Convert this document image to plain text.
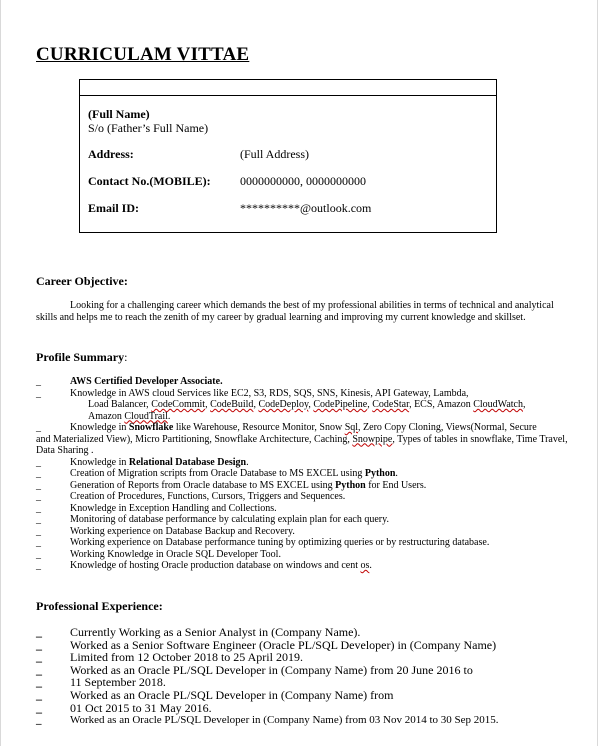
CURRICULAM VITTAE
(Full Name)
S/o (Father’s Full Name)
Address:	(Full Address)
Contact No.(MOBILE): 0000000000, 0000000000
Email ID:	**********@outlook.com
Career Objective:
Looking for a challenging career which demands the best of my professional abilities in terms of technical and analytical skills and helps me to reach the zenith of my career by gradual learning and improving my current knowledge and skillset.
Profile Summary:
_	AWS Certified Developer Associate.
_	Knowledge in AWS cloud Services like EC2, S3, RDS, SQS, SNS, Kinesis, API Gateway, Lambda,
Load Balancer, CodeCommit, CodeBuild, CodeDeploy, CodePipeline, CodeStar, ECS, Amazon CloudWatch,
Amazon CloudTrail.
_	Knowledge in Snowflake like Warehouse, Resource Monitor, Snow Sql, Zero Copy Cloning, Views(Normal, Secure
and Materialized View), Micro Partitioning, Snowflake Architecture, Caching, Snowpipe, Types of tables in snowflake, Time Travel, Data Sharing .
_	Knowledge in Relational Database Design.
_	Creation of Migration scripts from Oracle Database to MS EXCEL using Python.
_	Generation of Reports from Oracle database to MS EXCEL using Python for End Users.
_	Creation of Procedures, Functions, Cursors, Triggers and Sequences.
_	Knowledge in Exception Handling and Collections.
_	Monitoring of database performance by calculating explain plan for each query.
_	Working experience on Database Backup and Recovery.
_	Working experience on Database performance tuning by optimizing queries or by restructuring database.
_	Working Knowledge in Oracle SQL Developer Tool.
_	Knowledge of hosting Oracle production database on windows and cent os.
Professional Experience:
_ Currently Working as a Senior Analyst in (Company Name).
_ Worked as a Senior Software Engineer (Oracle PL/SQL Developer) in (Company Name)
_ Limited from 12 October 2018 to 25 April 2019.
_ Worked as an Oracle PL/SQL Developer in (Company Name) from 20 June 2016 to
_ 11 September 2018.
_ Worked as an Oracle PL/SQL Developer in (Company Name) from
_ 01 Oct 2015 to 31 May 2016.
_	Worked as an Oracle PL/SQL Developer in (Company Name) from 03 Nov 2014 to 30 Sep 2015.
